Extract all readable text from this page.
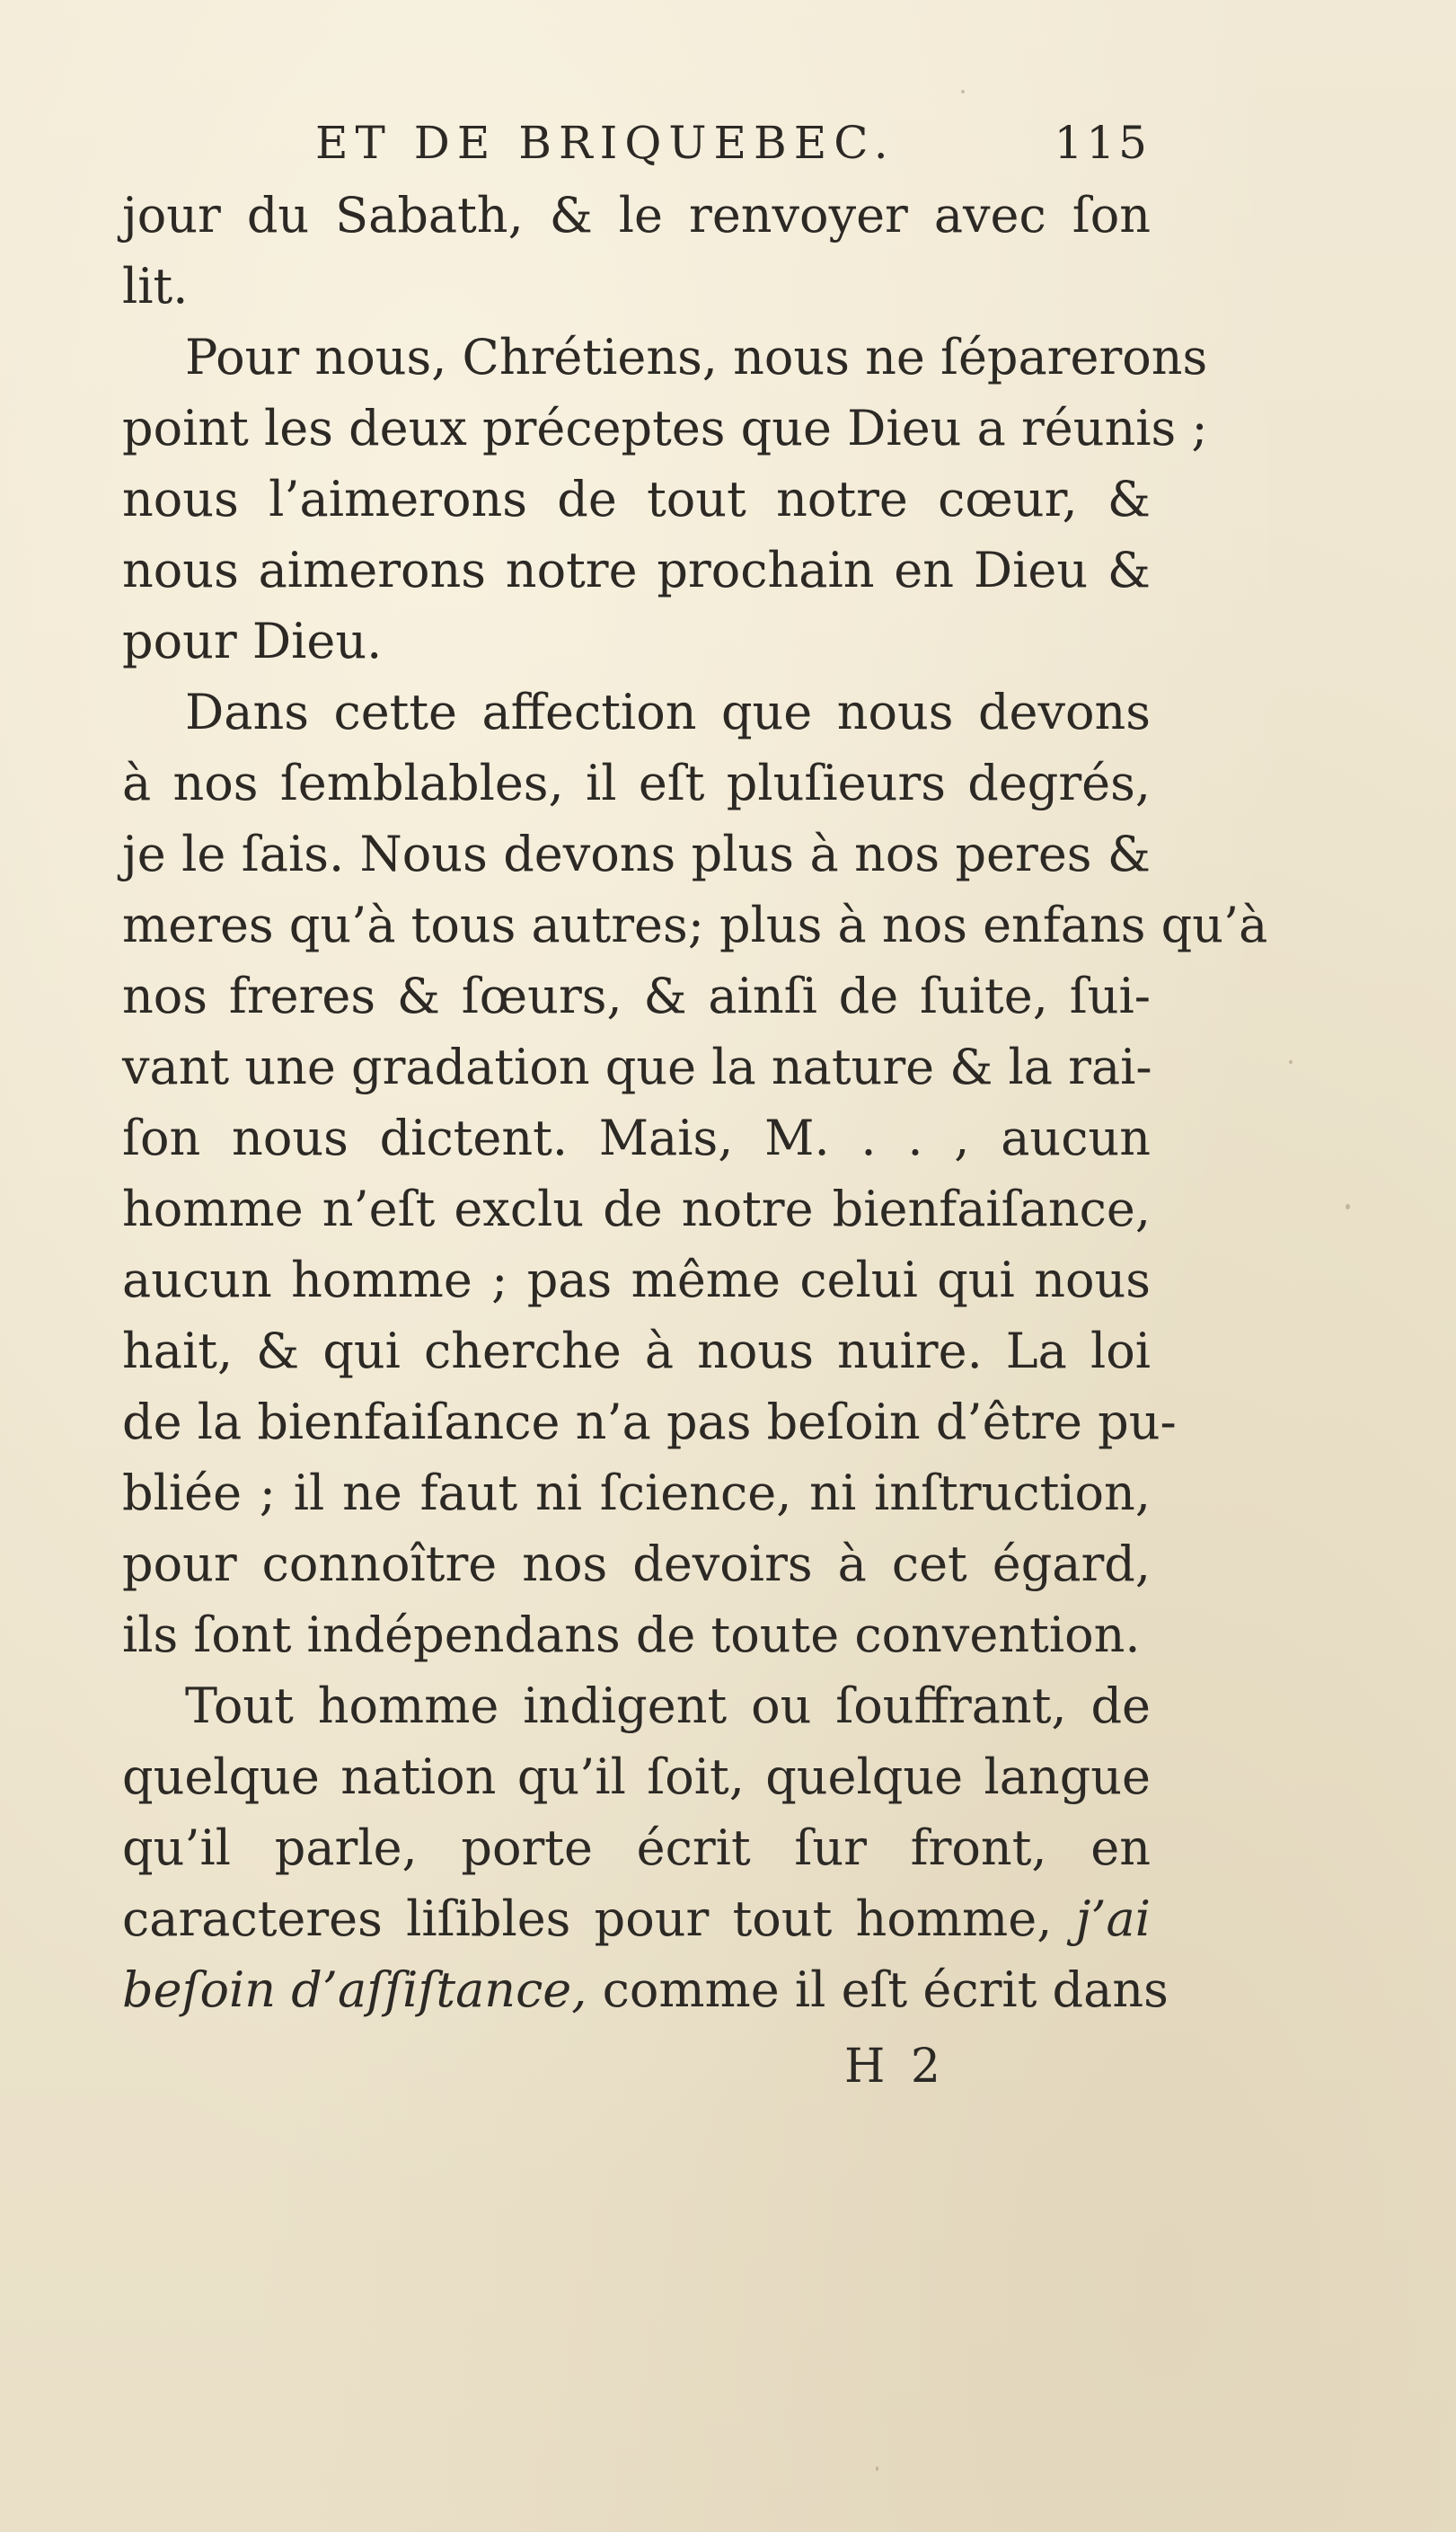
ET DE BRIQUEBEC.	115
jour du Sabath, & le renvoyer avec ſon
lit.
Pour nous, Chrétiens, nous ne ſéparerons
point les deux préceptes que Dieu a réunis ;
nous l’aimerons de tout notre cœur, &
nous aimerons notre prochain en Dieu &
pour Dieu.
Dans cette affection que nous devons
à nos ſemblables, il eſt pluſieurs degrés,
je le ſais. Nous devons plus à nos peres &
meres qu’à tous autres; plus à nos enfans qu’à
nos freres & ſœurs, & ainſi de ſuite, ſui-
vant une gradation que la nature & la rai-
ſon nous dictent. Mais, M. . . , aucun
homme n’eſt exclu de notre bienfaiſance,
aucun homme ; pas même celui qui nous
hait, & qui cherche à nous nuire. La loi
de la bienfaiſance n’a pas beſoin d’être pu-
bliée ; il ne faut ni ſcience, ni inſtruction,
pour connoître nos devoirs à cet égard,
ils ſont indépendans de toute convention.
Tout homme indigent ou ſouffrant, de
quelque nation qu’il ſoit, quelque langue
qu’il parle, porte écrit ſur front, en
caracteres liſibles pour tout homme, j’ai
beſoin d’aſſiſtance, comme il eſt écrit dans
H 2
